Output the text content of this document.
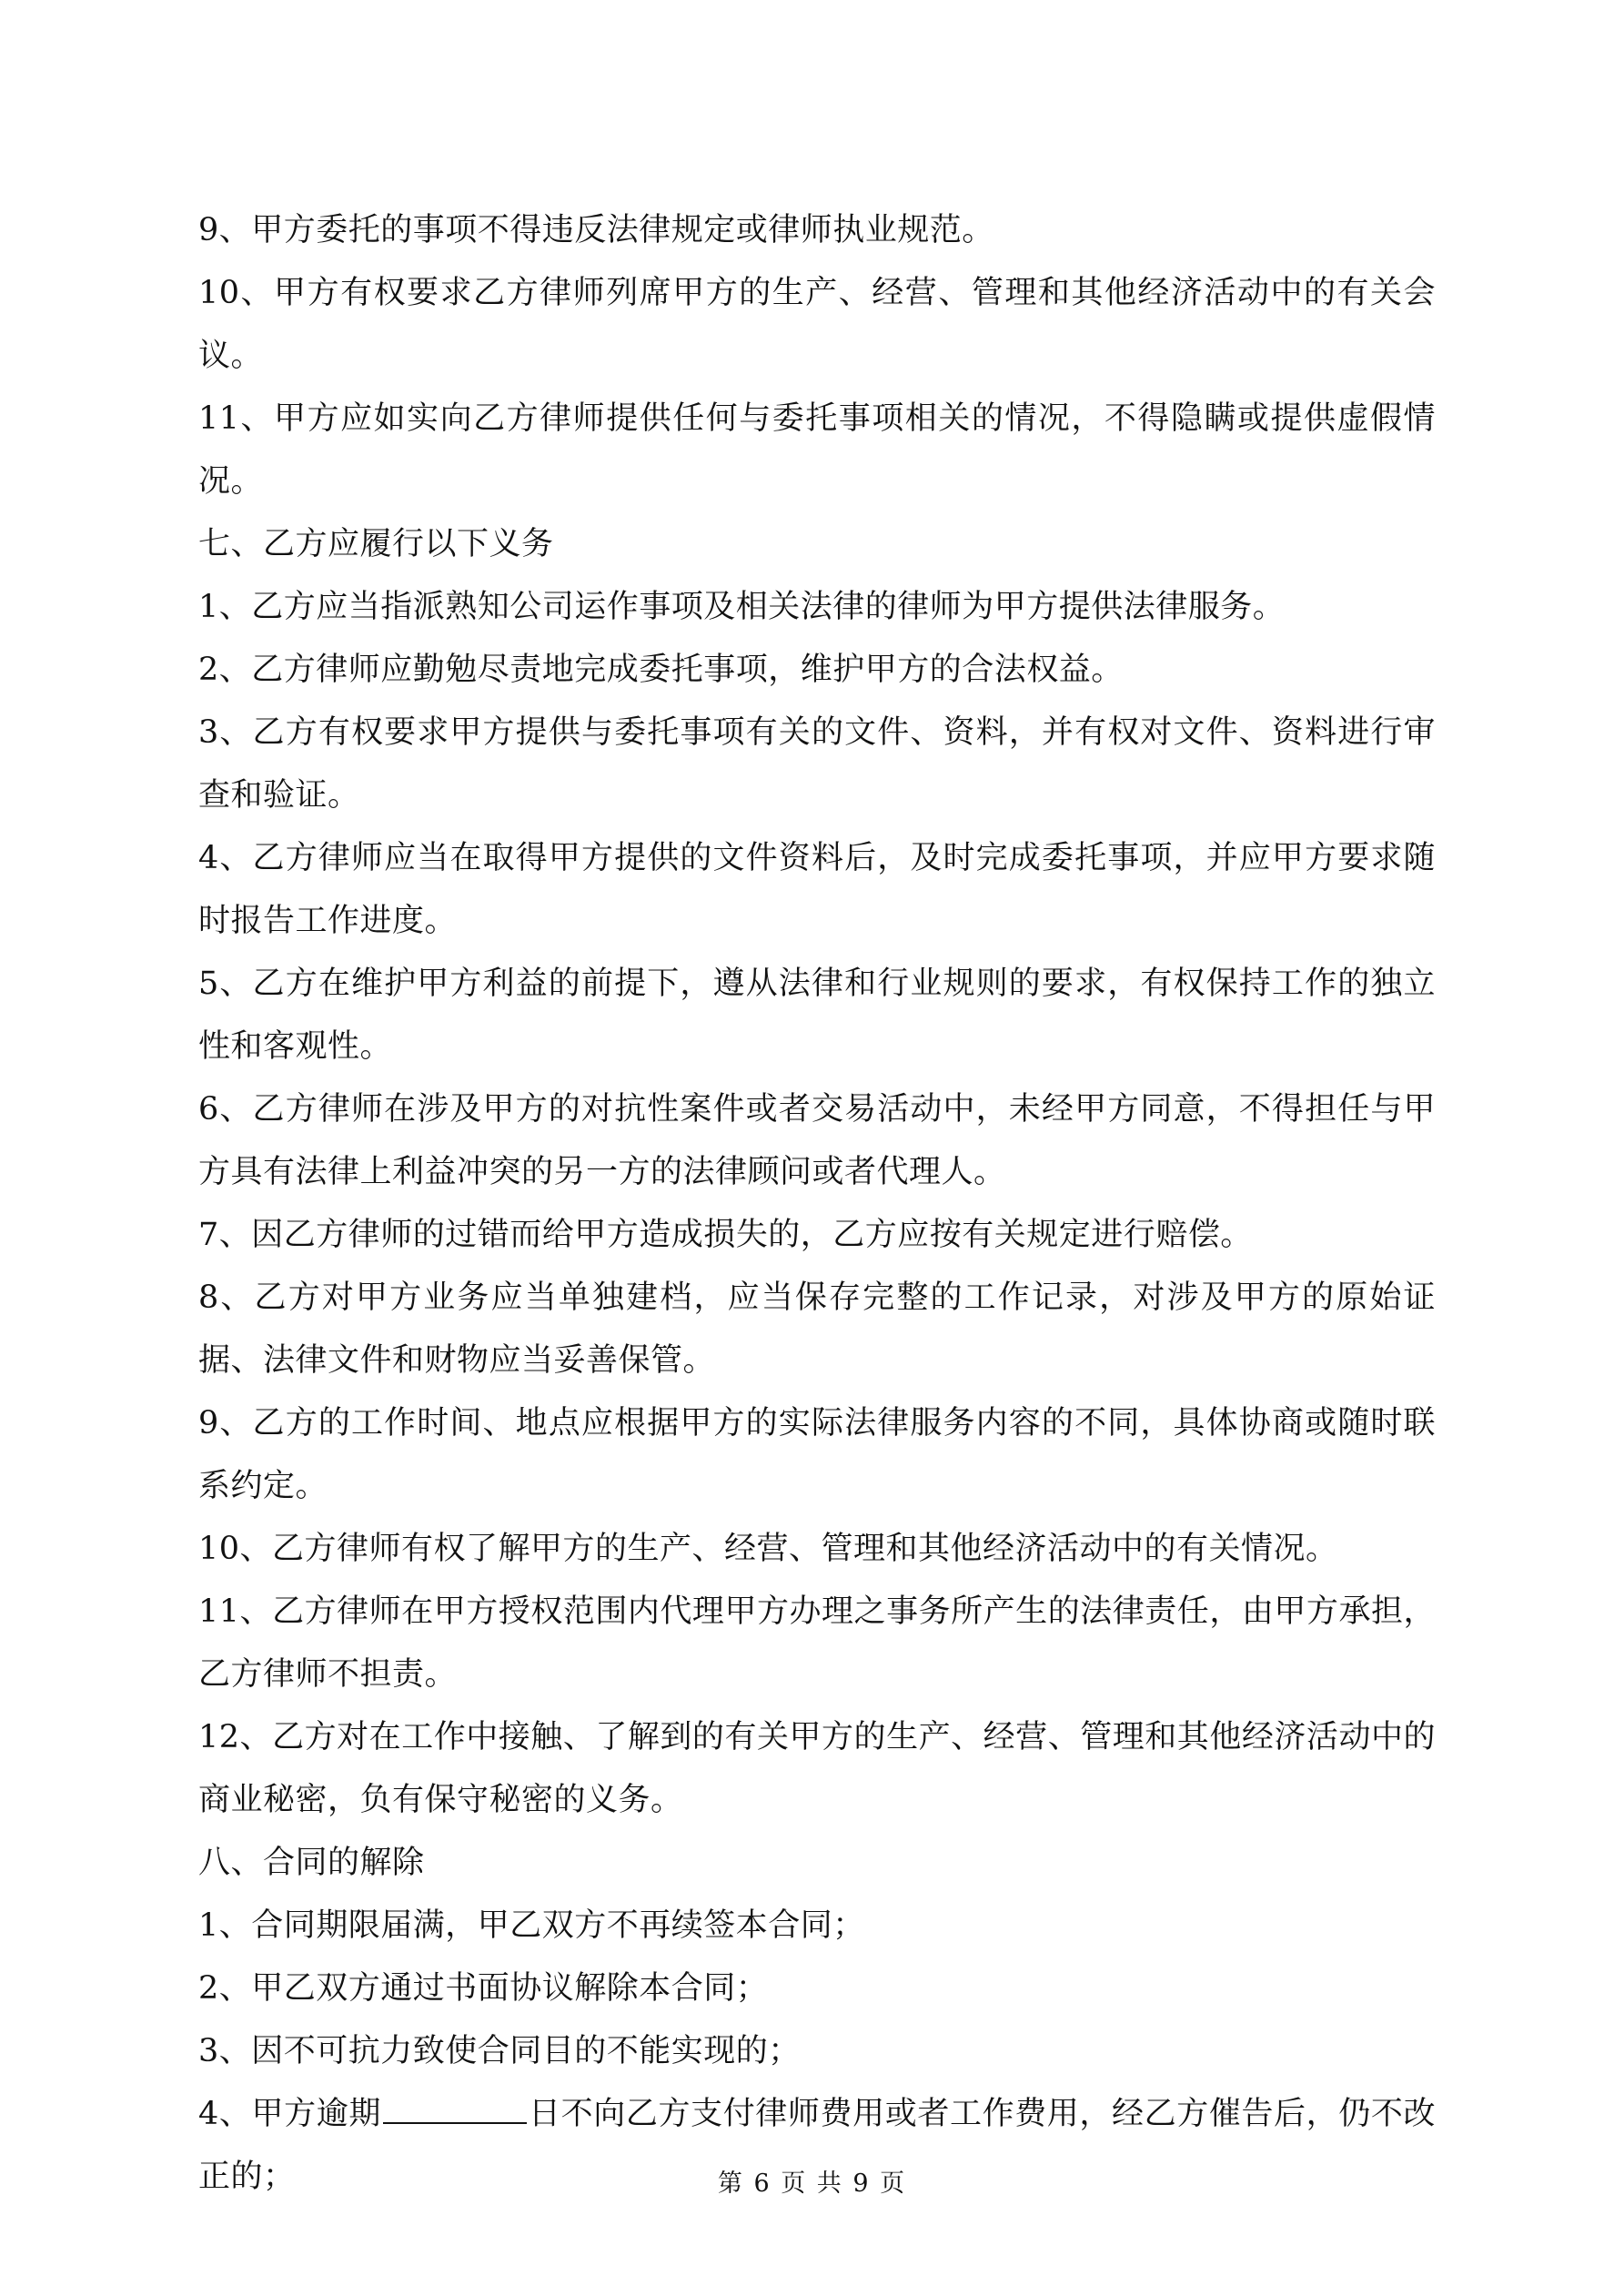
9、甲方委托的事项不得违反法律规定或律师执业规范。

10、甲方有权要求乙方律师列席甲方的生产、经营、管理和其他经济活动中的有关会议。

11、甲方应如实向乙方律师提供任何与委托事项相关的情况，不得隐瞒或提供虚假情况。

七、乙方应履行以下义务

1、乙方应当指派熟知公司运作事项及相关法律的律师为甲方提供法律服务。

2、乙方律师应勤勉尽责地完成委托事项，维护甲方的合法权益。

3、乙方有权要求甲方提供与委托事项有关的文件、资料，并有权对文件、资料进行审查和验证。

4、乙方律师应当在取得甲方提供的文件资料后，及时完成委托事项，并应甲方要求随时报告工作进度。

5、乙方在维护甲方利益的前提下，遵从法律和行业规则的要求，有权保持工作的独立性和客观性。

6、乙方律师在涉及甲方的对抗性案件或者交易活动中，未经甲方同意，不得担任与甲方具有法律上利益冲突的另一方的法律顾问或者代理人。

7、因乙方律师的过错而给甲方造成损失的，乙方应按有关规定进行赔偿。

8、乙方对甲方业务应当单独建档，应当保存完整的工作记录，对涉及甲方的原始证据、法律文件和财物应当妥善保管。

9、乙方的工作时间、地点应根据甲方的实际法律服务内容的不同，具体协商或随时联系约定。

10、乙方律师有权了解甲方的生产、经营、管理和其他经济活动中的有关情况。

11、乙方律师在甲方授权范围内代理甲方办理之事务所产生的法律责任，由甲方承担，乙方律师不担责。

12、乙方对在工作中接触、了解到的有关甲方的生产、经营、管理和其他经济活动中的商业秘密，负有保守秘密的义务。

八、合同的解除

1、合同期限届满，甲乙双方不再续签本合同；

2、甲乙双方通过书面协议解除本合同；

3、因不可抗力致使合同目的不能实现的；

4、甲方逾期	日不向乙方支付律师费用或者工作费用，经乙方催告后，仍不改正的；	第 6 页 共 9 页
